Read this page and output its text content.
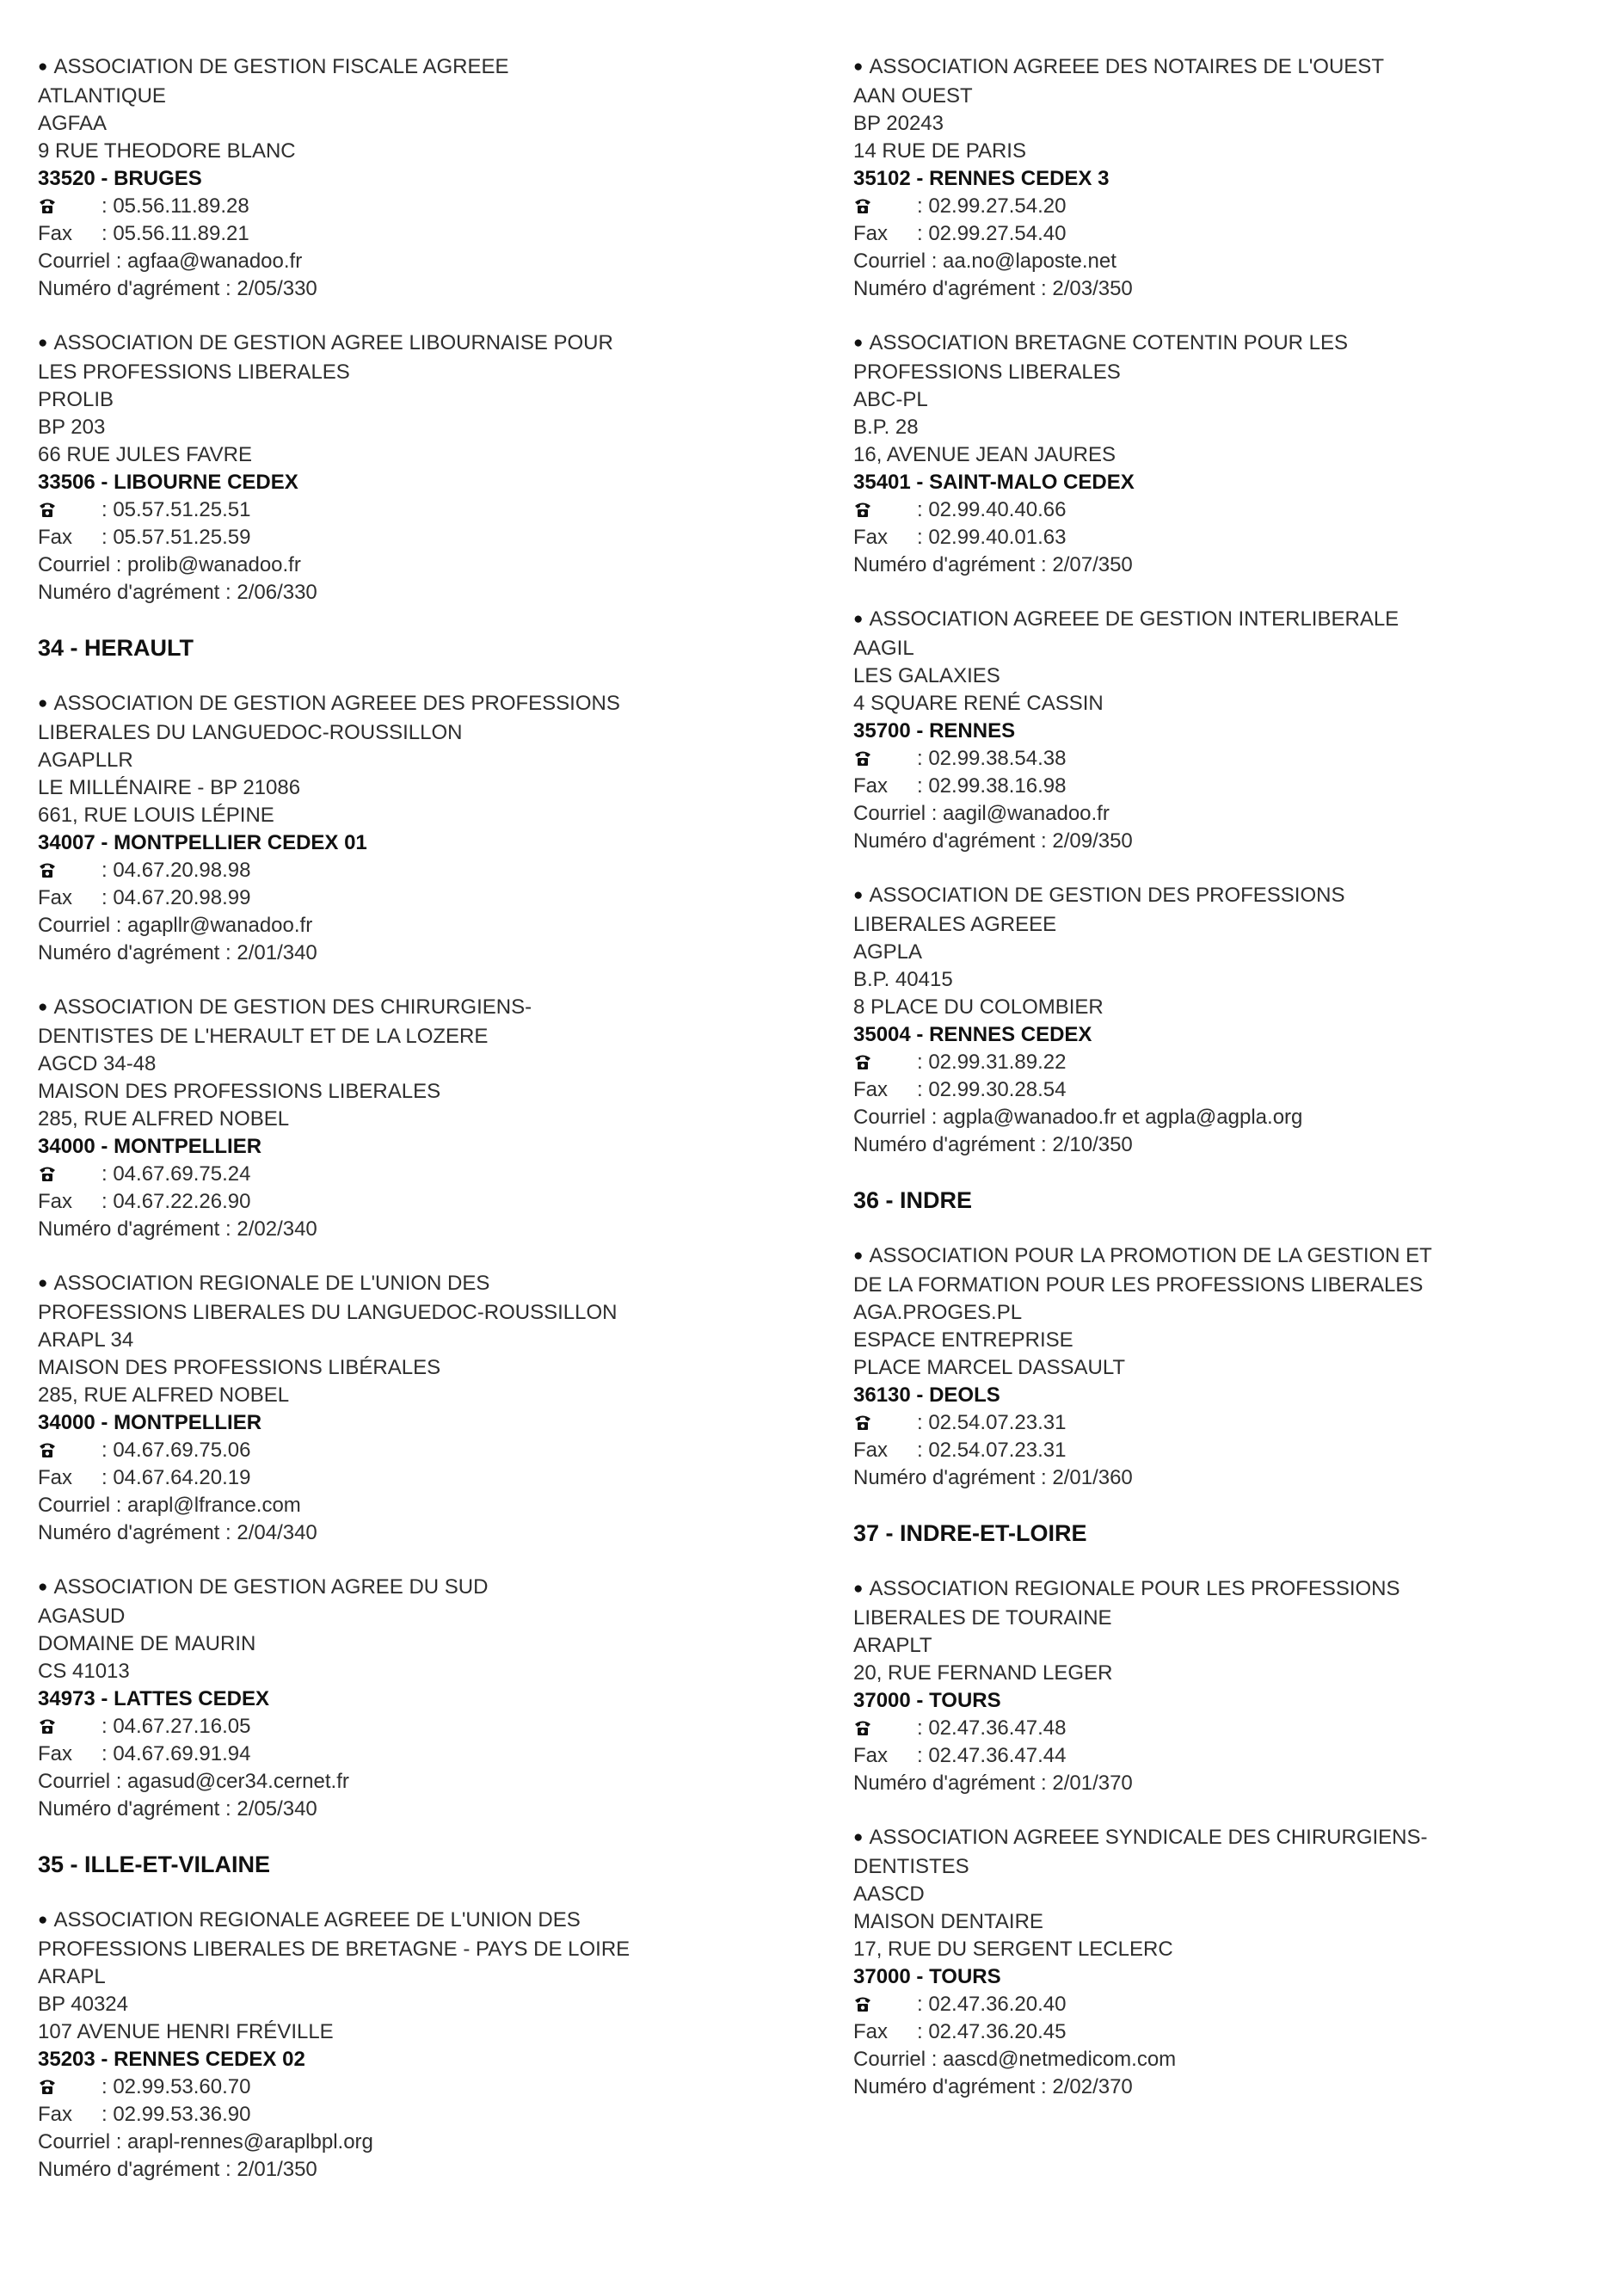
● ASSOCIATION DE GESTION FISCALE AGREEE
ATLANTIQUE
AGFAA
9 RUE THEODORE BLANC
33520 - BRUGES
: 05.56.11.89.28
Fax	: 05.56.11.89.21
Courriel : agfaa@wanadoo.fr
Numéro d'agrément : 2/05/330
● ASSOCIATION DE GESTION AGREE LIBOURNAISE POUR
LES PROFESSIONS LIBERALES
PROLIB
BP 203
66 RUE JULES FAVRE
33506 - LIBOURNE CEDEX
: 05.57.51.25.51
Fax	: 05.57.51.25.59
Courriel : prolib@wanadoo.fr
Numéro d'agrément : 2/06/330
34 - HERAULT
● ASSOCIATION DE GESTION AGREEE DES PROFESSIONS
LIBERALES DU LANGUEDOC-ROUSSILLON
AGAPLLR
LE MILLÉNAIRE - BP 21086
661, RUE LOUIS LÉPINE
34007 - MONTPELLIER CEDEX 01
: 04.67.20.98.98
Fax	: 04.67.20.98.99
Courriel : agapllr@wanadoo.fr
Numéro d'agrément : 2/01/340
● ASSOCIATION DE GESTION DES CHIRURGIENS-
DENTISTES DE L'HERAULT ET DE LA LOZERE
AGCD 34-48
MAISON DES PROFESSIONS LIBERALES
285, RUE ALFRED NOBEL
34000 - MONTPELLIER
: 04.67.69.75.24
Fax	: 04.67.22.26.90
Numéro d'agrément : 2/02/340
● ASSOCIATION REGIONALE DE L'UNION DES
PROFESSIONS LIBERALES DU LANGUEDOC-ROUSSILLON
ARAPL 34
MAISON DES PROFESSIONS LIBÉRALES
285, RUE ALFRED NOBEL
34000 - MONTPELLIER
: 04.67.69.75.06
Fax	: 04.67.64.20.19
Courriel : arapl@lfrance.com
Numéro d'agrément : 2/04/340
● ASSOCIATION DE GESTION AGREE DU SUD
AGASUD
DOMAINE DE MAURIN
CS 41013
34973 - LATTES CEDEX
: 04.67.27.16.05
Fax	: 04.67.69.91.94
Courriel : agasud@cer34.cernet.fr
Numéro d'agrément : 2/05/340
35 - ILLE-ET-VILAINE
● ASSOCIATION REGIONALE AGREEE DE L'UNION DES
PROFESSIONS LIBERALES DE BRETAGNE - PAYS DE LOIRE
ARAPL
BP 40324
107 AVENUE HENRI FRÉVILLE
35203 - RENNES CEDEX 02
: 02.99.53.60.70
Fax	: 02.99.53.36.90
Courriel : arapl-rennes@araplbpl.org
Numéro d'agrément : 2/01/350
● ASSOCIATION AGREEE DES NOTAIRES DE L'OUEST
AAN OUEST
BP 20243
14 RUE DE PARIS
35102 - RENNES CEDEX 3
: 02.99.27.54.20
Fax	: 02.99.27.54.40
Courriel : aa.no@laposte.net
Numéro d'agrément : 2/03/350
● ASSOCIATION BRETAGNE COTENTIN POUR LES
PROFESSIONS LIBERALES
ABC-PL
B.P. 28
16, AVENUE JEAN JAURES
35401 - SAINT-MALO CEDEX
: 02.99.40.40.66
Fax	: 02.99.40.01.63
Numéro d'agrément : 2/07/350
● ASSOCIATION AGREEE DE GESTION INTERLIBERALE
AAGIL
LES GALAXIES
4 SQUARE RENÉ CASSIN
35700 - RENNES
: 02.99.38.54.38
Fax	: 02.99.38.16.98
Courriel : aagil@wanadoo.fr
Numéro d'agrément : 2/09/350
● ASSOCIATION DE GESTION DES PROFESSIONS
LIBERALES AGREEE
AGPLA
B.P. 40415
8 PLACE DU COLOMBIER
35004 - RENNES CEDEX
: 02.99.31.89.22
Fax	: 02.99.30.28.54
Courriel : agpla@wanadoo.fr et agpla@agpla.org
Numéro d'agrément : 2/10/350
36 - INDRE
● ASSOCIATION POUR LA PROMOTION DE LA GESTION ET
DE LA FORMATION POUR LES PROFESSIONS LIBERALES
AGA.PROGES.PL
ESPACE ENTREPRISE
PLACE MARCEL DASSAULT
36130 - DEOLS
: 02.54.07.23.31
Fax	: 02.54.07.23.31
Numéro d'agrément : 2/01/360
37 - INDRE-ET-LOIRE
● ASSOCIATION REGIONALE POUR LES PROFESSIONS
LIBERALES DE TOURAINE
ARAPLT
20, RUE FERNAND LEGER
37000 - TOURS
: 02.47.36.47.48
Fax	: 02.47.36.47.44
Numéro d'agrément : 2/01/370
● ASSOCIATION AGREEE SYNDICALE DES CHIRURGIENS-
DENTISTES
AASCD
MAISON DENTAIRE
17, RUE DU SERGENT LECLERC
37000 - TOURS
: 02.47.36.20.40
Fax	: 02.47.36.20.45
Courriel : aascd@netmedicom.com
Numéro d'agrément : 2/02/370
